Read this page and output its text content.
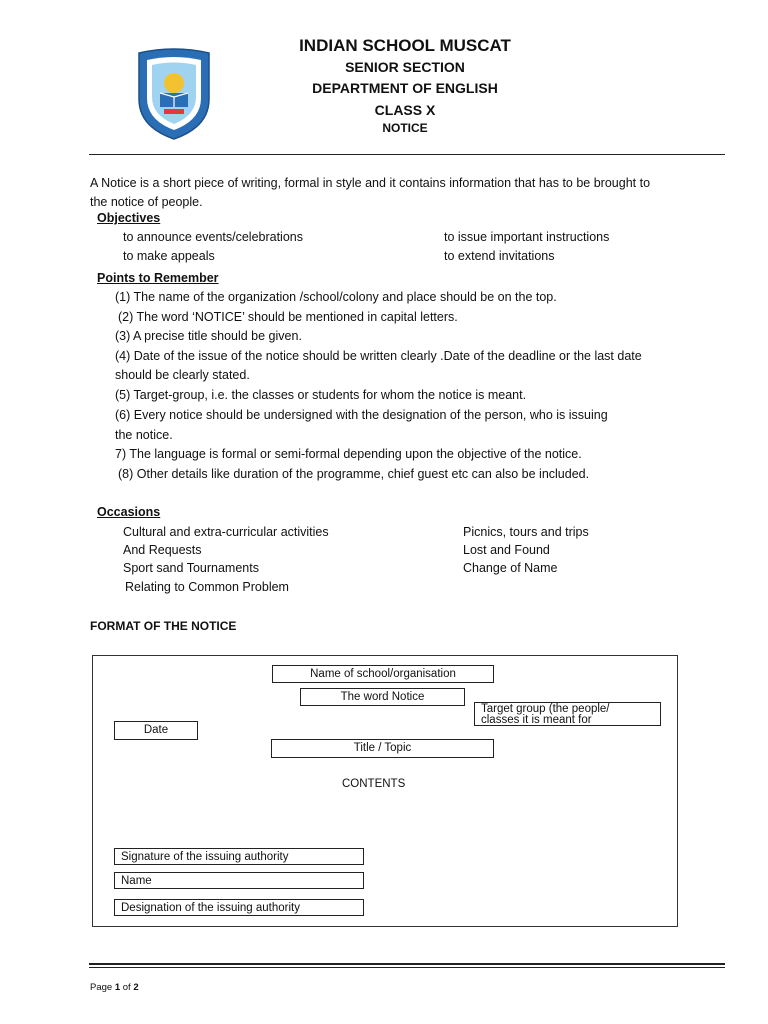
INDIAN SCHOOL MUSCAT
SENIOR SECTION
DEPARTMENT OF ENGLISH
CLASS X
NOTICE
A Notice is a short piece of writing, formal in style and it contains information that has to be brought to
the notice of people.
Objectives
to announce events/celebrations	to issue important instructions
to make appeals	to extend invitations
Points to Remember
(1) The name of the organization /school/colony and place should be on the top.
(2) The word ‘NOTICE’ should be mentioned in capital letters.
(3) A precise title should be given.
(4) Date of the issue of the notice should be written clearly .Date of the deadline or the last date
should be clearly stated.
(5) Target-group, i.e. the classes or students for whom the notice is meant.
(6) Every notice should be undersigned with the designation of the person, who is issuing
the notice.
7) The language is formal or semi-formal depending upon the objective of the notice.
(8) Other details like duration of the programme, chief guest etc can also be included.
Occasions
Cultural and extra-curricular activities	Picnics, tours and trips
And Requests	Lost and Found
Sport sand Tournaments	Change of Name
Relating to Common Problem
FORMAT OF THE NOTICE
Name of school/organisation
The word Notice
Target group (the people/
classes it is meant for
Date
Title / Topic
CONTENTS
Signature of the issuing authority
Name
Designation of the issuing authority
Page 1 of 2
